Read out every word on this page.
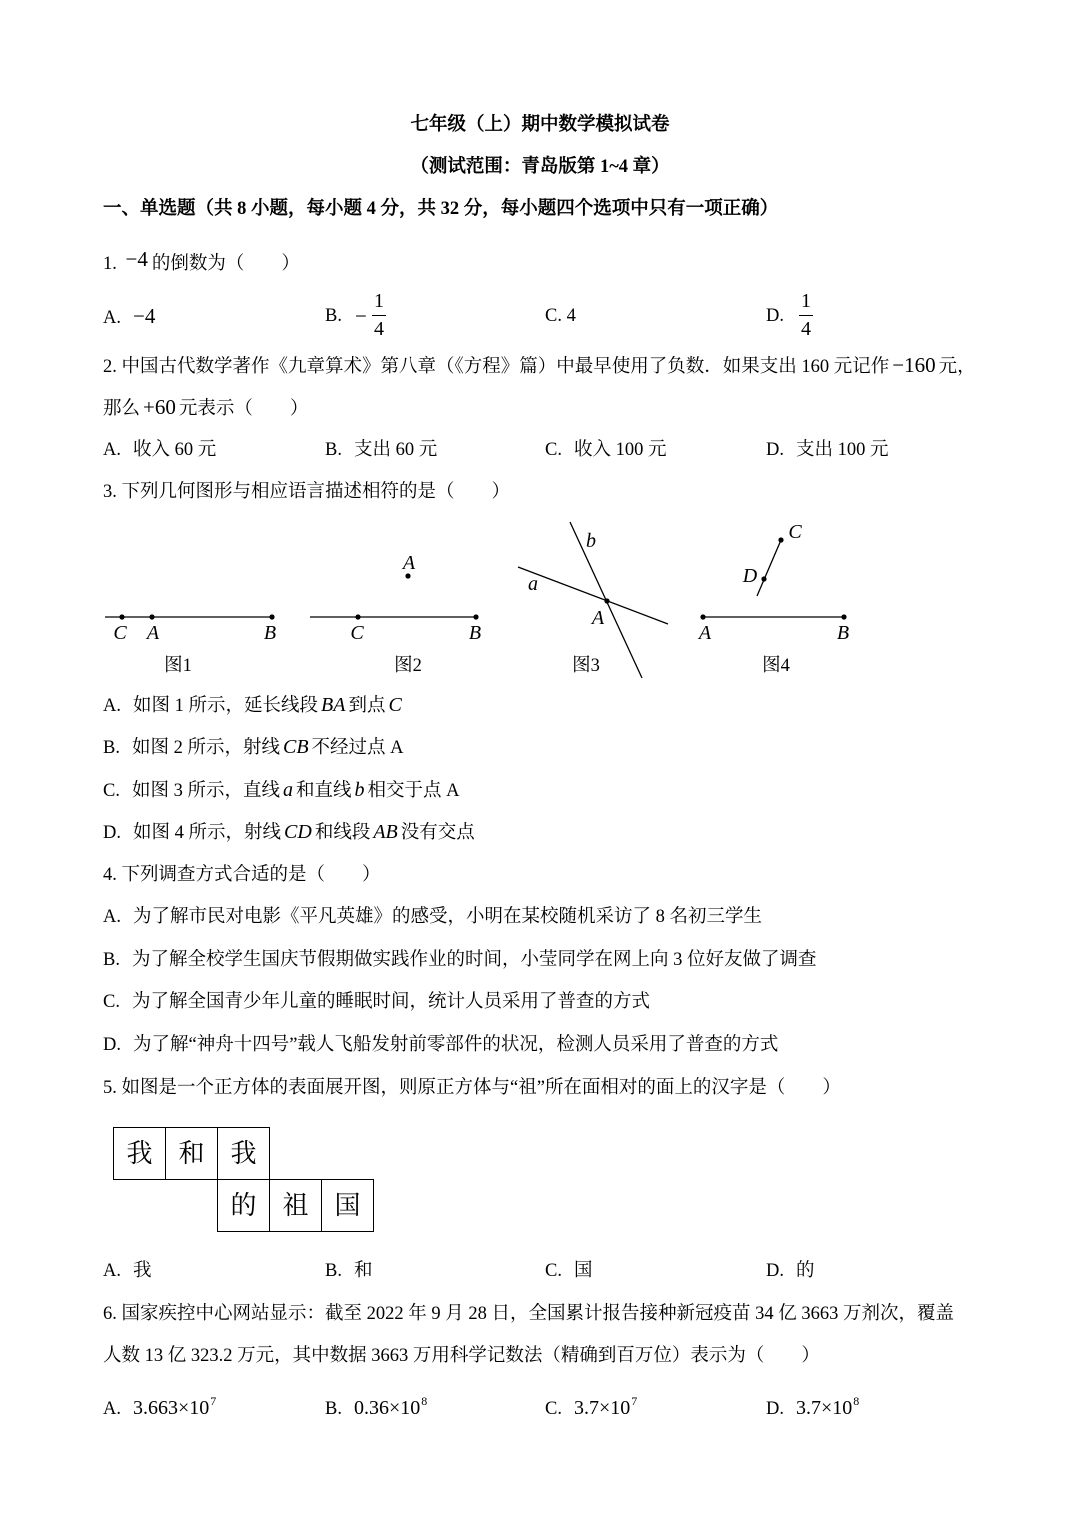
七年级（上）期中数学模拟试卷
（测试范围：青岛版第 1~4 章）
一、单选题（共 8 小题，每小题 4 分，共 32 分，每小题四个选项中只有一项正确）
1. −4 的倒数为（　　）
A. −4	B. −
1
4
C. 4	D.
1
4
2. 中国古代数学著作《九章算术》第八章（《方程》篇）中最早使用了负数．如果支出 160 元记作 −160 元，
那么 +60 元表示（　　）
A. 收入 60 元	B. 支出 60 元	C. 收入 100 元	D. 支出 100 元
3. 下列几何图形与相应语言描述相符的是（　　）
C A	B
图1
A
C	B
图2
a
b
A
图3
C
D
A	B
图4
A. 如图 1 所示，延长线段 BA 到点 C
B. 如图 2 所示，射线 CB 不经过点 A
C. 如图 3 所示，直线 a 和直线 b 相交于点 A
D. 如图 4 所示，射线 CD 和线段 AB 没有交点
4. 下列调查方式合适的是（　　）
A. 为了解市民对电影《平凡英雄》的感受，小明在某校随机采访了 8 名初三学生
B. 为了解全校学生国庆节假期做实践作业的时间，小莹同学在网上向 3 位好友做了调查
C. 为了解全国青少年儿童的睡眠时间，统计人员采用了普查的方式
D. 为了解“神舟十四号”载人飞船发射前零部件的状况，检测人员采用了普查的方式
5. 如图是一个正方体的表面展开图，则原正方体与“祖”所在面相对的面上的汉字是（　　）
我 和 我
的 祖 国
A. 我	B. 和	C. 国	D. 的
6. 国家疾控中心网站显示：截至 2022 年 9 月 28 日，全国累计报告接种新冠疫苗 34 亿 3663 万剂次，覆盖
人数 13 亿 323.2 万元，其中数据 3663 万用科学记数法（精确到百万位）表示为（　　）
A. $3.663\times 10^7$	B. $0.36\times 10^8$	C. $3.7\times 10^7$	D. $3.7\times 10^8$
